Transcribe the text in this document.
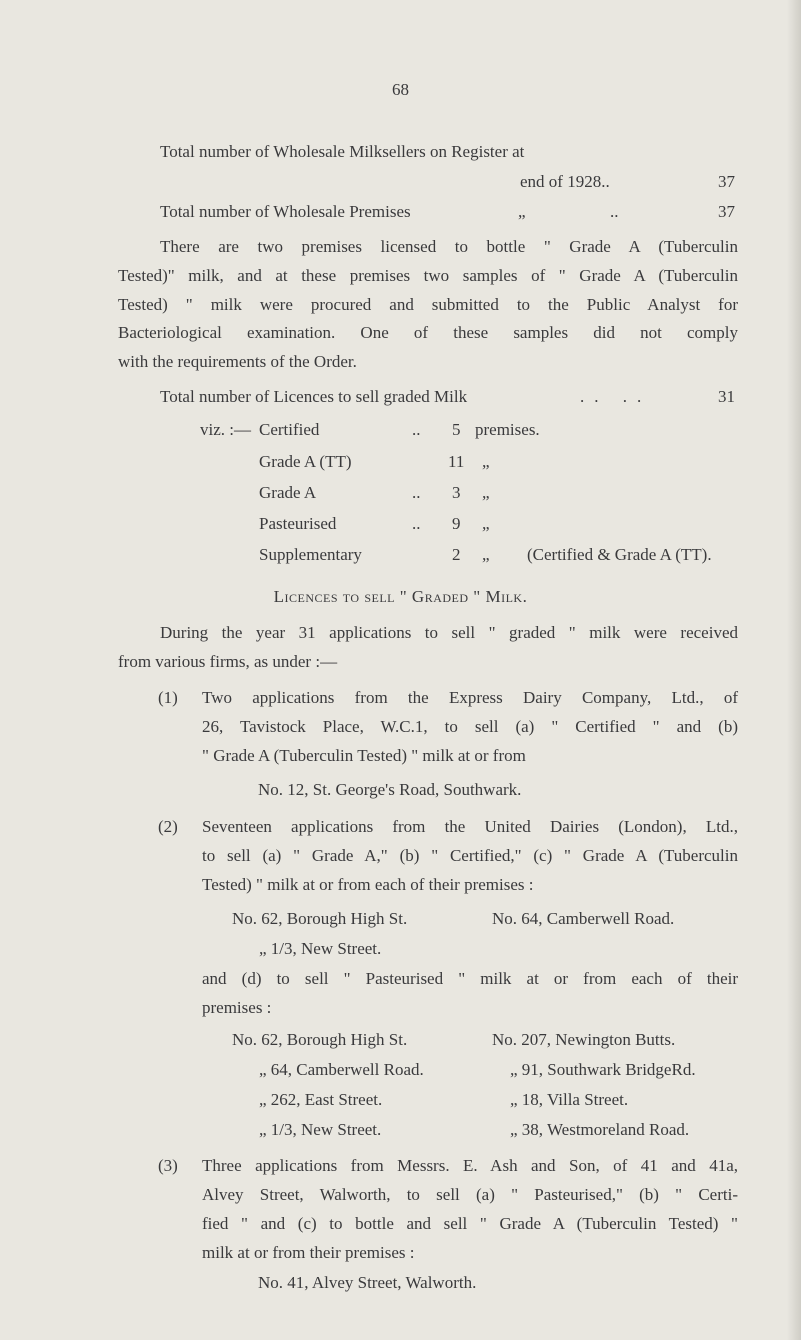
68
Total number of Wholesale Milksellers on Register at
end of 1928..	37
Total number of Wholesale Premises	„	..	37
There are two premises licensed to bottle " Grade A (Tuberculin
Tested)" milk, and at these premises two samples of " Grade A (Tuberculin
Tested) " milk were procured and submitted to the Public Analyst for
Bacteriological examination. One of these samples did not comply
with the requirements of the Order.
Total number of Licences to sell graded Milk	.. ..	31
viz. :— Certified	.. 5 premises.
Grade A (TT)	11 „
Grade A	.. 3 „
Pasteurised	.. 9 „
Supplementary	2 „ (Certified & Grade A (TT).
Licences to sell " Graded " Milk.
During the year 31 applications to sell " graded " milk were received
from various firms, as under :—
(1) Two applications from the Express Dairy Company, Ltd., of
26, Tavistock Place, W.C.1, to sell (a) " Certified " and (b)
" Grade A (Tuberculin Tested) " milk at or from
No. 12, St. George's Road, Southwark.
(2) Seventeen applications from the United Dairies (London), Ltd.,
to sell (a) " Grade A," (b) " Certified," (c) " Grade A (Tuberculin
Tested) " milk at or from each of their premises :
No. 62, Borough High St.	No. 64, Camberwell Road.
„ 1/3, New Street.
and (d) to sell " Pasteurised " milk at or from each of their
premises :
No. 62, Borough High St.	No. 207, Newington Butts.
„ 64, Camberwell Road.	„ 91, Southwark BridgeRd.
„ 262, East Street.	„ 18, Villa Street.
„ 1/3, New Street.	„ 38, Westmoreland Road.
(3) Three applications from Messrs. E. Ash and Son, of 41 and 41a,
Alvey Street, Walworth, to sell (a) " Pasteurised," (b) " Certi-
fied " and (c) to bottle and sell " Grade A (Tuberculin Tested) "
milk at or from their premises :
No. 41, Alvey Street, Walworth.
